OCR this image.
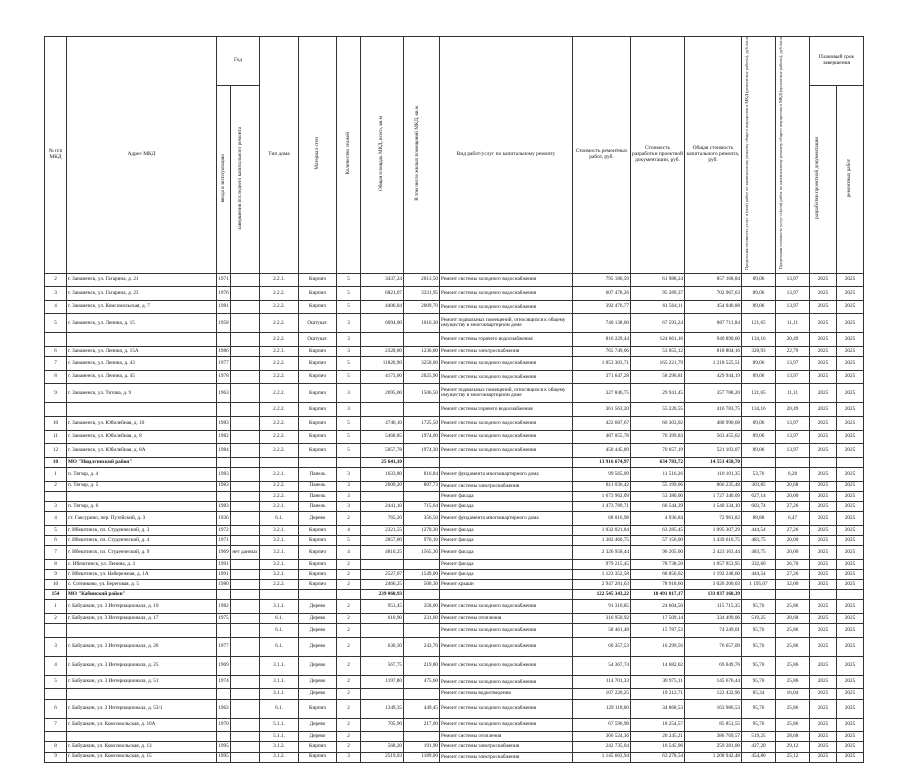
№ п/п МКД	Адрес МКД	Год		Тип дома	Материал стен	Количество этажей	Общая площадь МКД, всего, кв.м	В том числе жилых помещений МКД, кв.м	Вид работ/услуг по капитальному ремонту	Стоимость ремонтных работ, руб.	Стоимость разработки проектной документации, руб.	Общая стоимость капитального ремонта, руб.	Предельная стоимость услуг и (или) работ по капитальному ремонту общего имущества в МКД (ремонтные работы), руб./кв.м	Предельная стоимость услуг и (или) работ по капитальному ремонту общего имущества в МКД (проектные работы), руб./кв.м	Плановый срок завершения	
		ввода в эксплуатацию	завершения последнего капитального ремонта												разработки проектной документации	ремонтных работ
2	г. Заиаменск, ул. Гагарина, д. 21	1971		2.2.1.	Кирпич	5	3437,24	2013,50	Ремонт системы холодного водоснабжения	795 180,59	61 988,24	857 168,84	89,06	13,97	2025	2025
3	г. Заиаменск, ул. Гагарина, д. 23	1976		2.2.2.	Кирпич	5	6821,07	3331,95	Ремонт системы холодного водоснабжения	607 478,26	95 289,37	702 967,63	89,06	13,97	2025	2025
4	г. Заиаменск, ул. Комсомольская, д. 7	1981		2.2.2.	Кирпич	5	4406,84	2009,70	Ремонт системы холодного водоснабжения	392 476,77	61 564,11	454 040,88	89,06	13,97	2025	2025
5	г. Заиаменск, ул. Ленина, д. 15	1958		2.2.2.	Оштукат.	3	6094,00	1016,30	Ремонт подвальных помещений, относящихся к общему имуществу в многоквартирном доме	740 138,60	67 593,24	807 711,84	121,65	11,11	2025	2025
				2.2.2.	Оштукат.	3			Ремонт системы горячего водоснабжения	816 229,44	124 661,16	940 890,60	134,16	20,49	2025	2025
6	г. Заиаменск, ул. Ленина, д. 15А	1986		2.2.1.	Кирпич	3	2328,00	1236,00	Ремонт системы электроснабжения	765 749,06	53 055,12	818 804,16	328,93	22,79	2025	2025
7	г. Заиаменск, ул. Ленина, д. 43	1977		2.2.2.	Кирпич	5	11826,90	3250,00	Ремонт системы холодного водоснабжения	1 053 303,71	165 221,79	1 218 525,51	89,06	13,97	2025	2025
8	г. Заиаменск, ул. Ленина, д. 45	1978		2.2.2.	Кирпич	5	4173,00	2025,90	Ремонт системы холодного водоснабжения	371 647,28	58 296,81	429 944,19	89,06	13,97	2025	2025
9	г. Заиаменск, ул. Титова, д. 9	1963		2.2.2.	Кирпич	3	2695,00	1506,50	Ремонт подвальных помещений, относящихся к общему имуществу в многоквартирном доме	327 846,75	29 941,45	357 788,20	121,65	11,11	2025	2025
				2.2.2.	Кирпич	3			Ремонт системы горячего водоснабжения	361 563,20	55 220,55	416 783,75	134,16	20,49	2025	2025
10	г. Заиаменск, ул. Юбилейная, д. 10	1983		2.2.2.	Кирпич	5	4746,10	1725,50	Ремонт системы холодного водоснабжения	422 687,67	66 303,02	488 990,68	89,06	13,97	2025	2025
11	г. Заиаменск, ул. Юбилейная, д. 8	1982		2.2.2.	Кирпич	5	5468,85	1974,00	Ремонт системы холодного водоснабжения	487 055,78	76 399,83	563 455,62	89,06	13,97	2025	2025
12	г. Заиаменск, ул. Юбилейная, д. 8А	1984		2.2.2.	Кирпич	5	5057,78	1974,30	Ремонт системы холодного водоснабжения	450 445,89	70 657,19	521 103,07	89,06	13,97	2025	2025
10	МО "Нюдлгинский район"						25 641,10			13 916 674,97	634 783,72	14 551 458,70				
1	п. Тягзар, д. 4	1983		2.2.1.	Панель	3	1633,80	816,84	Ремонт фундамента многоквартирного дома	99 565,09	11 516,26	110 101,35	53,76	6,28	2025	2025
2	п. Тягзар, д. 5	1983		2.2.2.	Панель	3	2609,20	807,73	Ремонт системы электроснабжения	811 036,42	55 199,06	866 235,48	303,85	20,68	2025	2025
				2.2.2.	Панель	3			Ремонт фасада	1 673 962,09	53 380,00	1 727 340,09	627,14	20,00	2025	2025
3	п. Тягзар, д. 6	1983		2.2.1.	Панель	3	2441,10	715,64	Ремонт фасада	1 473 789,71	66 544,39	1 540 334,10	603,74	27,26	2025	2025
4	ст. Гаксурино, пер. Путейский, д. 3	1936		6.1.	Дерево	2	765,20	356,50	Ремонт фундамента многоквартирного дома	68 016,98	4 936,84	72 961,82	88,88	6,47	2025	2025
5	г. Ибештинск, пл. Студенческий, д. 3	1972		3.2.1.	Кирпич	4	2321,55	1270,30	Ремонт фасада	1 032 021,84	63 285,45	1 095 307,29	444,54	27,26	2025	2025
6	г. Ибештинск, пл. Студенческий, д. 4	1971		3.2.1.	Кирпич	5	2857,80	970,10	Ремонт фасада	1 382 460,75	57 156,00	1 439 616,75	483,75	20,00	2025	2025
7	г. Ибештинск, пл. Студенческий, д. 9	1969	нет данных	3.2.1.	Кирпич	4	4810,25	1565,30	Ремонт фасада	2 326 958,44	96 205,00	2 423 163,44	483,75	20,00	2025	2025
8	с. Ибештинск, ул. Ленина, д. 2	1991		3.2.1.	Кирпич	2			Ремонт фасада	979 215,45	78 738,50	1 057 953,95	332,60	26,70	2025	2025
9	г. Ибештинск, ул. Набережная, д. 1А	1991		3.2.1.	Кирпич	2	2527,07	1549,00	Ремонт фасада	1 123 352,58	68 856,02	1 192 248,60	444,54	27,26	2025	2025
10	с. Сотниково, ул. Береговая, д. 5	1980		2.2.2.	Кирпич	2	2466,25	500,30	Ремонт крыши	2 947 281,63	78 918,60	3 026 200,03	1 195,07	32,00	2025	2025
154	МО "Кабинский район"						239 060,93			122 545 343,22	10 491 817,17	133 037 160,39				
1	г. Бабушкин, ул. 3 Интернационала, д. 10	1982		3.1.1.	Дерево	2	951,45	358,00	Ремонт системы холодного водоснабжения	91 310,85	24 604,50	115 715,35	95,76	25,86	2025	2025
2	г. Бабушкин, ул. 3 Интернационала, д. 17	1975		6.1.	Дерево	2	610,90	231,60	Ремонт системы отопления	316 950,92	17 509,14	334 499,06	519,25	28,68	2025	2025
				6.1.	Дерево	2			Ремонт системы холодного водоснабжения	58 461,48	15 787,53	74 249,01	95,76	25,86	2025	2025
3	г. Бабушкин, ул. 3 Интернационала, д. 20	1977		6.1.	Дерево	2	630,30	243,70	Ремонт системы холодного водоснабжения	60 357,53	16 299,56	76 657,09	95,76	25,86	2025	2025
4	г. Бабушкин, ул. 3 Интернационала, д. 25	1969		3.1.1.	Дерево	2	567,75	219,80	Ремонт системы холодного водоснабжения	54 367,74	14 682,02	69 049,76	95,76	25,86	2025	2025
5	г. Бабушкин, ул. 3 Интернационала, д. 51	1974		3.1.1.	Дерево	2	1197,80	475,60	Ремонт системы холодного водоснабжения	114 701,33	30 975,11	145 676,44	95,76	25,86	2025	2025
				3.1.1.	Дерево	2			Ремонт системы водоотведения	107 220,25	19 212,71	122 432,96	85,34	16,04	2025	2025
6	г. Бабушкин, ул. 3 Интернационала, д. 53/1	1962		6.1.	Кирпич	2	1349,35	449,45	Ремонт системы холодного водоснабжения	129 118,00	34 868,53	163 986,53	95,76	25,86	2025	2025
7	г. Бабушкин, ул. Комсомольская, д. 10А	1970		5.1.1.	Дерево	2	705,90	217,00	Ремонт системы холодного водоснабжения	67 596,98	18 254,57	85 851,55	95,76	25,86	2025	2025
				5.1.1.	Дерево	2			Ремонт системы отопления	366 524,36	20 245,21	386 769,57	519,25	28,68	2025	2025
8	г. Бабушкин, ул. Комсомольская, д. 13	1995		3.1.2.	Кирпич	2	568,20	191,90	Ремонт системы электроснабжения	242 735,04	16 545,96	259 281,00	427,20	29,12	2025	2025
9	г. Бабушкин, ул. Комсомольская, д. 15	1995		3.1.2.	Кирпич	3	2519,03	1189,00	Ремонт системы электроснабжения	1 145 663,94	63 278,54	1 208 942,48	454,80	25,12	2025	2025
